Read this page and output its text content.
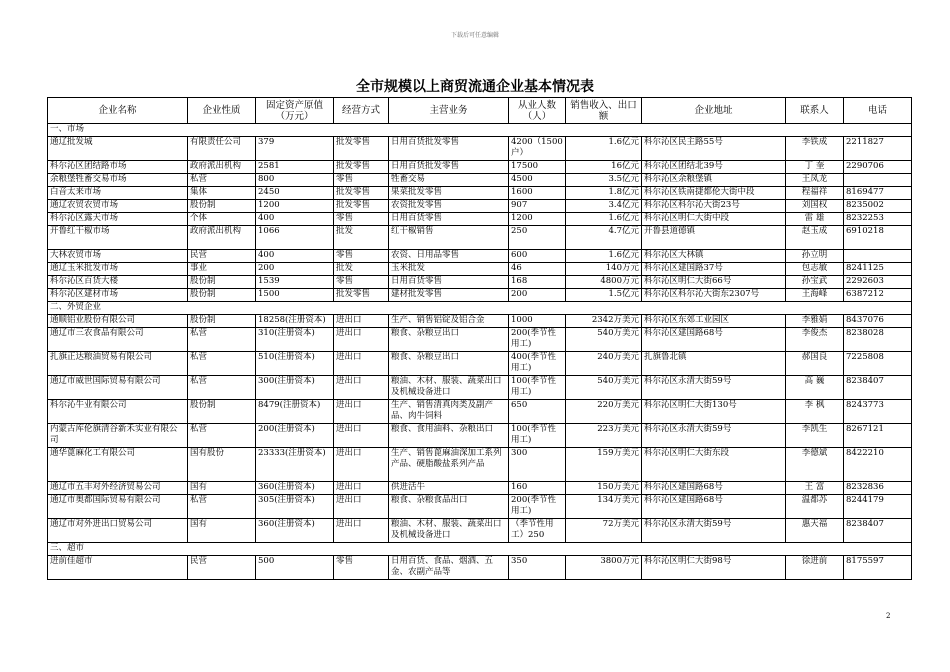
下载后可任意编辑
全市规模以上商贸流通企业基本情况表
企业名称	企业性质	固定资产原值（万元）	经营方式	主营业务	从业人数（人）	销售收入、出口额	企业地址	联系人	电话
一、市场									
通辽批发城	有限责任公司	379	批发零售	日用百货批发零售	4200（1500户）	1.6亿元	科尔沁区民主路55号	李铁成	2211827
科尔沁区团结路市场	政府派出机构	2581	批发零售	日用百货批发零售	17500	16亿元	科尔沁区团结北39号	丁 奎	2290706
余粮堡牲畜交易市场	私营	800	零售	牲畜交易	4500	3.5亿元	科尔沁区余粮堡镇	王凤龙	
白音太来市场	集体	2450	批发零售	果菜批发零售	1600	1.8亿元	科尔沁区铁南捷都伦大街中段	程福祥	8169477
通辽农贸农贸市场	股份制	1200	批发零售	农资批发零售	907	3.4亿元	科尔沁区科尔沁大街23号	刘国权	8235002
科尔沁区露天市场	个体	400	零售	日用百货零售	1200	1.6亿元	科尔沁区明仁大街中段	雷 雄	8232253
开鲁红干椒市场	政府派出机构	1066	批发	红干椒销售	250	4.7亿元	开鲁县道德镇	赵玉成	6910218
大林农贸市场	民营	400	零售	农资、日用品零售	600	1.6亿元	科尔沁区大林镇	孙立明	
通辽玉米批发市场	事业	200	批发	玉米批发	46	140万元	科尔沁区建国路37号	包志敏	8241125
科尔沁区百货大楼	股份制	1539	零售	日用百货零售	168	4800万元	科尔沁区明仁大街66号	孙宝武	2292603
科尔沁区建材市场	股份制	1500	批发零售	建材批发零售	200	1.5亿元	科尔沁区科尔沁大街东2307号	王海峰	6387212
二、外贸企业									
通顺铝业股份有限公司	股份制	18258(注册资本)	进出口	生产、销售铝锭及铝合金	1000	2342万美元	科尔沁区东郊工业园区	李雅娟	8437076
通辽市三农食品有限公司	私营	310(注册资本)	进出口	粮食、杂粮豆出口	200(季节性用工)	540万美元	科尔沁区建国路68号	李俊杰	8238028
扎旗正达粮油贸易有限公司	私营	510(注册资本)	进出口	粮食、杂粮豆出口	400(季节性用工)	240万美元	扎旗鲁北镇	郝国良	7225808
通辽市威世国际贸易有限公司	私营	300(注册资本)	进出口	粮油、木材、服装、蔬菜出口及机械设备进口	100(季节性用工)	540万美元	科尔沁区永清大街59号	高 巍	8238407
科尔沁牛业有限公司	股份制	8479(注册资本)	进出口	生产、销售清真肉类及副产品、肉牛饲料	650	220万美元	科尔沁区明仁大街130号	李 枫	8243773
内蒙古库伦旗清谷新禾实业有限公司	私营	200(注册资本)	进出口	粮食、食用油料、杂粮出口	100(季节性用工)	223万美元	科尔沁区永清大街59号	李凯生	8267121
通华蓖麻化工有限公司	国有股份	23333(注册资本)	进出口	生产、销售蓖麻油深加工系列产品、硬脂酸盐系列产品	300	159万美元	科尔沁区明仁大街东段	李德斌	8422210
通辽市五丰对外经济贸易公司	国有	360(注册资本)	进出口	供进活牛	160	150万美元	科尔沁区建国路68号	王 富	8232836
通辽市奥都国际贸易有限公司	私营	305(注册资本)	进出口	粮食、杂粮食品出口	200(季节性用工)	134万美元	科尔沁区建国路68号	温都苏	8244179
通辽市对外进出口贸易公司	国有	360(注册资本)	进出口	粮油、木材、服装、蔬菜出口及机械设备进口	（季节性用工）250	72万美元	科尔沁区永清大街59号	惠天福	8238407
三、超市									
进前佳超市	民营	500	零售	日用百货、食品、烟酒、五金、农副产品等	350	3800万元	科尔沁区明仁大街98号	徐进前	8175597
2
